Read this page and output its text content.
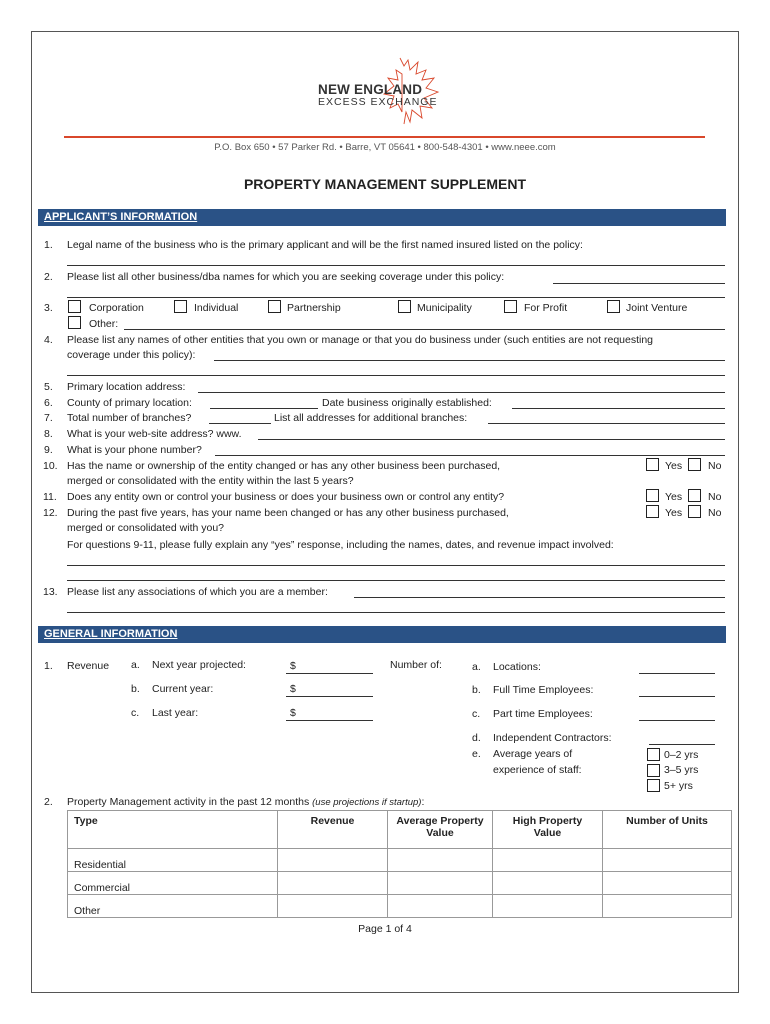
NEW ENGLAND
EXCESS EXCHANGE
P.O. Box 650 • 57 Parker Rd. • Barre, VT 05641 • 800-548-4301 • www.neee.com
PROPERTY MANAGEMENT SUPPLEMENT
APPLICANT’S INFORMATION
1. Legal name of the business who is the primary applicant and will be the first named insured listed on the policy:
2. Please list all other business/dba names for which you are seeking coverage under this policy:
3.	Corporation	Individual	Partnership	Municipality	For Profit	Joint Venture
Other:
4. Please list any names of other entities that you own or manage or that you do business under (such entities are not requesting
coverage under this policy):
5. Primary location address:
6. County of primary location:	Date business originally established:
7. Total number of branches?	List all addresses for additional branches:
8. What is your web-site address? www.
9. What is your phone number?
10. Has the name or ownership of the entity changed or has any other business been purchased,
merged or consolidated with the entity within the last 5 years?
Yes No
11. Does any entity own or control your business or does your business own or control any entity?	Yes No
12. During the past five years, has your name been changed or has any other business purchased,
merged or consolidated with you?
Yes No
For questions 9-11, please fully explain any “yes” response, including the names, dates, and revenue impact involved:
13. Please list any associations of which you are a member:
GENERAL INFORMATION
1. Revenue a. Next year projected:	$
b. Current year:	$
c. Last year:	$
Number of:	a. Locations:
b. Full Time Employees:
c. Part time Employees:
d. Independent Contractors:
e. Average years of
experience of staff:
0–2 yrs
3–5 yrs
5+ yrs
2. Property Management activity in the past 12 months (use projections if startup):
Type	Revenue	Average Property Value	High Property Value	Number of Units
Residential				
Commercial				
Other				
Page 1 of 4
